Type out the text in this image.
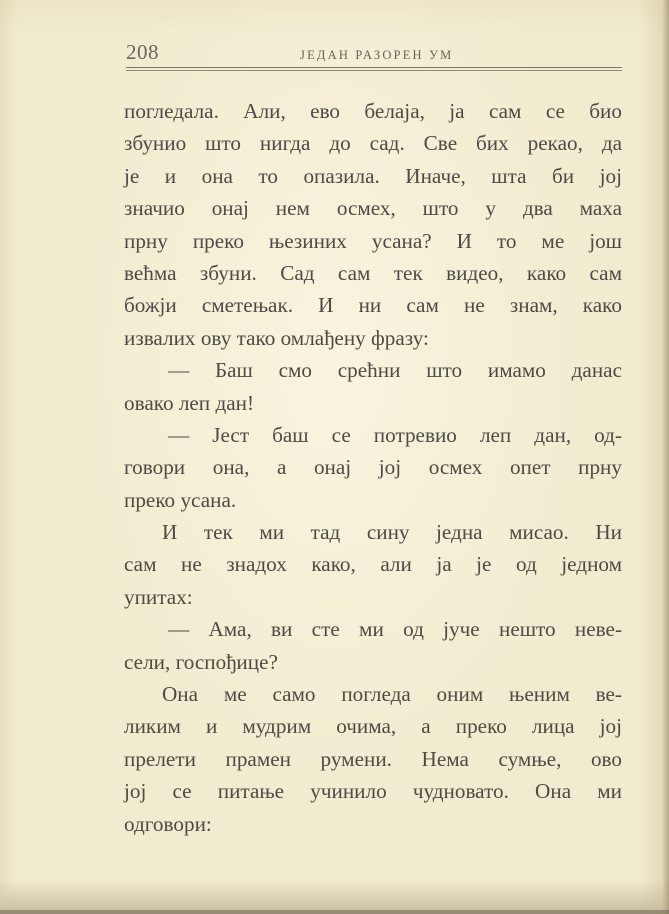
208	ЈЕДАН РАЗОРЕН УМ
погледала. Али, ево белаја, ја сам се био
збунио што нигда до сад. Све бих рекао, да
је и она то опазила. Иначе, шта би јој
значио онај нем осмех, што у два маха
прну преко њезиних усана? И то ме још
већма збуни. Сад сам тек видео, како сам
божји сметењак. И ни сам не знам, како
извалих ову тако омлађену фразу:
— Баш смо срећни што имамо данас
овако леп дан!
— Јест баш се потревио леп дан, од-
говори она, а онај јој осмех опет прну
преко усана.
И тек ми тад сину једна мисао. Ни
сам не знадох како, али ја је од једном
упитах:
— Ама, ви сте ми од јуче нешто неве-
сели, госпођице?
Она ме само погледа оним њеним ве-
ликим и мудрим очима, а преко лица јој
прелети прамен румени. Нема сумње, ово
јој се питање учинило чудновато. Она ми
одговори:
